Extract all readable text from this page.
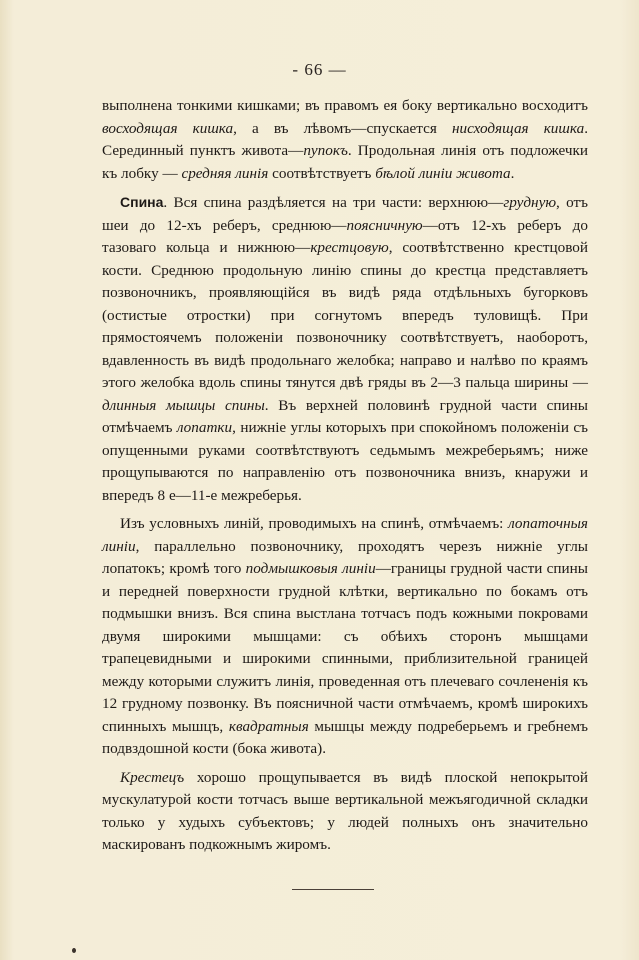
- 66 —

выполнена тонкими кишками; въ правомъ ея боку вертикально восходитъ восходящая кишка, а въ лѣвомъ—спускается нисходящая кишка. Серединный пунктъ живота—пупокъ. Продольная линія отъ подложечки къ лобку — средняя линія соотвѣтствуетъ бѣлой линіи живота.

Спина. Вся спина раздѣляется на три части: верхнюю—грудную, отъ шеи до 12-хъ реберъ, среднюю—поясничную—отъ 12-хъ реберъ до тазоваго кольца и нижнюю—крестцовую, соотвѣтственно крестцовой кости. Среднюю продольную линію спины до крестца представляетъ позвоночникъ, проявляющійся въ видѣ ряда отдѣльныхъ бугорковъ (остистые отростки) при согнутомъ впередъ туловищѣ. При прямостоячемъ положеніи позвоночнику соотвѣтствуетъ, наоборотъ, вдавленность въ видѣ продольнаго желобка; направо и налѣво по краямъ этого желобка вдоль спины тянутся двѣ гряды въ 2—3 пальца ширины — длинныя мышцы спины. Въ верхней половинѣ грудной части спины отмѣчаемъ лопатки, нижніе углы которыхъ при спокойномъ положеніи съ опущенными руками соотвѣтствуютъ седьмымъ межреберьямъ; ниже прощупываются по направленію отъ позвоночника внизъ, кнаружи и впередъ 8 е—11-е межреберья.

Изъ условныхъ линій, проводимыхъ на спинѣ, отмѣчаемъ: лопаточныя линіи, параллельно позвоночнику, проходятъ черезъ нижніе углы лопатокъ; кромѣ того подмышковыя линіи—границы грудной части спины и передней поверхности грудной клѣтки, вертикально по бокамъ отъ подмышки внизъ. Вся спина выстлана тотчасъ подъ кожными покровами двумя широкими мышцами: съ обѣихъ сторонъ мышцами трапецевидными и широкими спинными, приблизительной границей между которыми служитъ линія, проведенная отъ плечеваго сочлененія къ 12 грудному позвонку. Въ поясничной части отмѣчаемъ, кромѣ широкихъ спинныхъ мышцъ, квадратныя мышцы между подреберьемъ и гребнемъ подвздошной кости (бока живота).

Крестецъ хорошо прощупывается въ видѣ плоской непокрытой мускулатурой кости тотчасъ выше вертикальной межъягодичной складки только у худыхъ субъектовъ; у людей полныхъ онъ значительно маскированъ подкожнымъ жиромъ.
